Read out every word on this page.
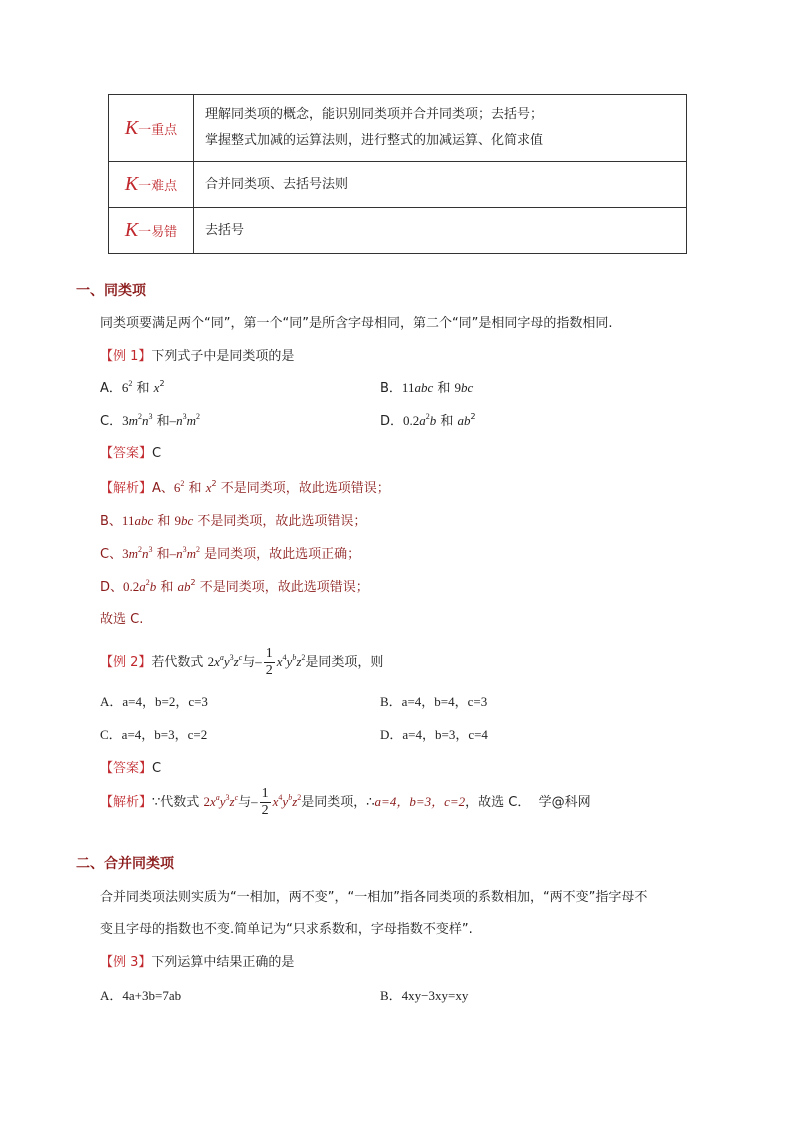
K一重点	理解同类项的概念，能识别同类项并合并同类项；去括号；
掌握整式加减的运算法则，进行整式的加减运算、化简求值

K一难点	合并同类项、去括号法则

K一易错	去括号
一、同类项
同类项要满足两个“同”，第一个“同”是所含字母相同，第二个“同”是相同字母的指数相同.
【例 1】下列式子中是同类项的是
A．$6^2$ 和 $x^2$	B．11abc 和 9bc
C．$3m^2n^3$ 和$-n^3m^2$	D．$0.2a^2b$ 和 $ab^2$
【答案】C
【解析】A、$6^2$ 和 $x^2$ 不是同类项，故此选项错误；
B、11abc 和 9bc 不是同类项，故此选项错误；
C、$3m^2n^3$ 和$-n^3m^2$ 是同类项，故此选项正确；
D、$0.2a^2b$ 和 $ab^2$ 不是同类项，故此选项错误；
故选 C.
【例 2】若代数式 $2x^ay^3z^c$与– $\frac{1}{2} x^4y^bz^2$是同类项，则
A．a=4，b=2，c=3	B．a=4，b=4，c=3
C．a=4，b=3，c=2	D．a=4，b=3，c=4
【答案】C
【解析】∵代数式 $2x^ay^3z^c$与– $\frac{1}{2} x^4y^bz^2$是同类项，∴a=4，b=3，c=2，故选 C． 学@科网
二、合并同类项
合并同类项法则实质为“一相加，两不变”，“一相加”指各同类项的系数相加，“两不变”指字母不
变且字母的指数也不变.简单记为“只求系数和，字母指数不变样”.
【例 3】下列运算中结果正确的是
A．4a+3b=7ab	B．4xy−3xy=xy
